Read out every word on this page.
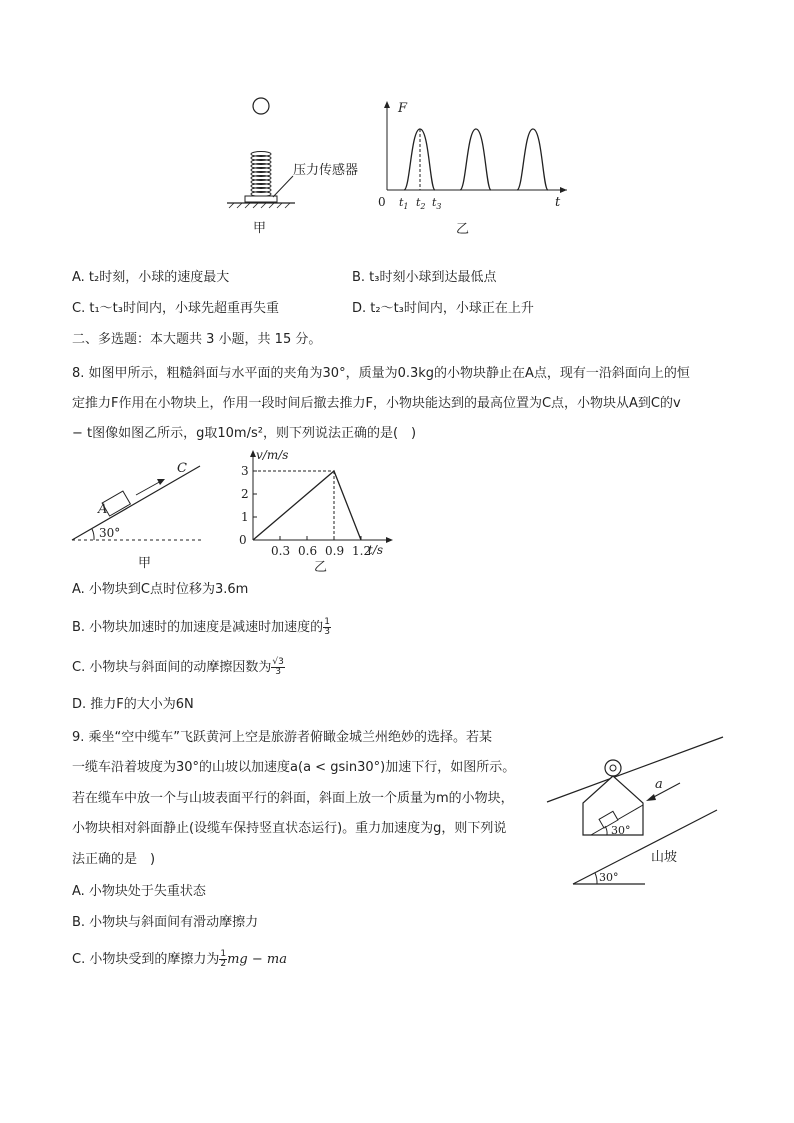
压力传感器
甲
F
t
0 $t_1$ $t_2$ $t_3$
乙
A. t₂时刻，小球的速度最大	B. t₃时刻小球到达最低点
C. t₁～t₃时间内，小球先超重再失重	D. t₂～t₃时间内，小球正在上升
二、多选题：本大题共 3 小题，共 15 分。
8. 如图甲所示，粗糙斜面与水平面的夹角为30°，质量为0.3kg的小物块静止在A点，现有一沿斜面向上的恒
定推力F作用在小物块上，作用一段时间后撤去推力F，小物块能达到的最高位置为C点，小物块从A到C的v
− t图像如图乙所示，g取10m/s²，则下列说法正确的是(　)
C
A
30°
甲
v/m/s
t/s
0
1
2
3
0.3 0.6 0.9 1.2
乙
A. 小物块到C点时位移为3.6m
B. 小物块加速时的加速度是减速时加速度的 $\frac{1}{3}$
C. 小物块与斜面间的动摩擦因数为 $\frac{√3}{3}$
D. 推力F的大小为6N
9. 乘坐“空中缆车”飞跃黄河上空是旅游者俯瞰金城兰州绝妙的选择。若某
一缆车沿着坡度为30°的山坡以加速度a(a < gsin30°)加速下行，如图所示。
若在缆车中放一个与山坡表面平行的斜面，斜面上放一个质量为m的小物块，
小物块相对斜面静止(设缆车保持竖直状态运行)。重力加速度为g，则下列说
法正确的是　)
30°
a
30°
山坡
A. 小物块处于失重状态
B. 小物块与斜面间有滑动摩擦力
C. 小物块受到的摩擦力为 $\frac{1}{2}$ mg − ma
